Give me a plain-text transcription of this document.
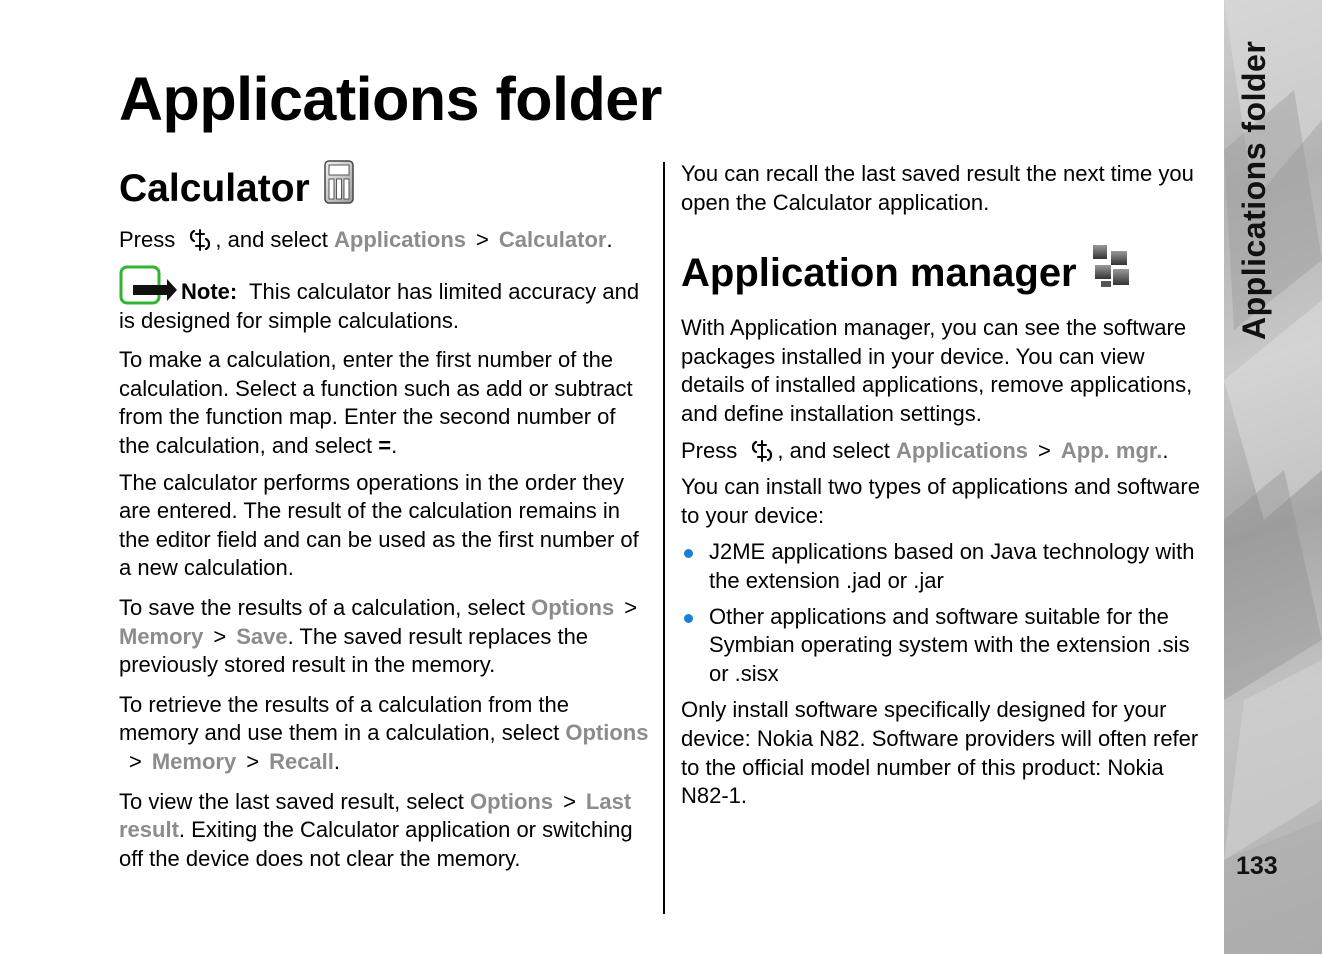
Applications folder
Calculator

Press , and select Applications > Calculator.

Note: This calculator has limited accuracy and is designed for simple calculations.

To make a calculation, enter the first number of the calculation. Select a function such as add or subtract from the function map. Enter the second number of the calculation, and select =.

The calculator performs operations in the order they are entered. The result of the calculation remains in the editor field and can be used as the first number of a new calculation.

To save the results of a calculation, select Options >Memory > Save. The saved result replaces the previously stored result in the memory.

To retrieve the results of a calculation from the memory and use them in a calculation, select Options> Memory > Recall.

To view the last saved result, select Options > Last result. Exiting the Calculator application or switching off the device does not clear the memory.

You can recall the last saved result the next time you open the Calculator application.

Application manager

With Application manager, you can see the software packages installed in your device. You can view details of installed applications, remove applications, and define installation settings.

Press , and select Applications > App. mgr..

You can install two types of applications and software to your device:

J2ME applications based on Java technology with the extension .jad or .jar
Other applications and software suitable for the Symbian operating system with the extension .sis or .sisx

Only install software specifically designed for your device: Nokia N82. Software providers will often refer to the official model number of this product: Nokia N82-1.

Applications folder
133
